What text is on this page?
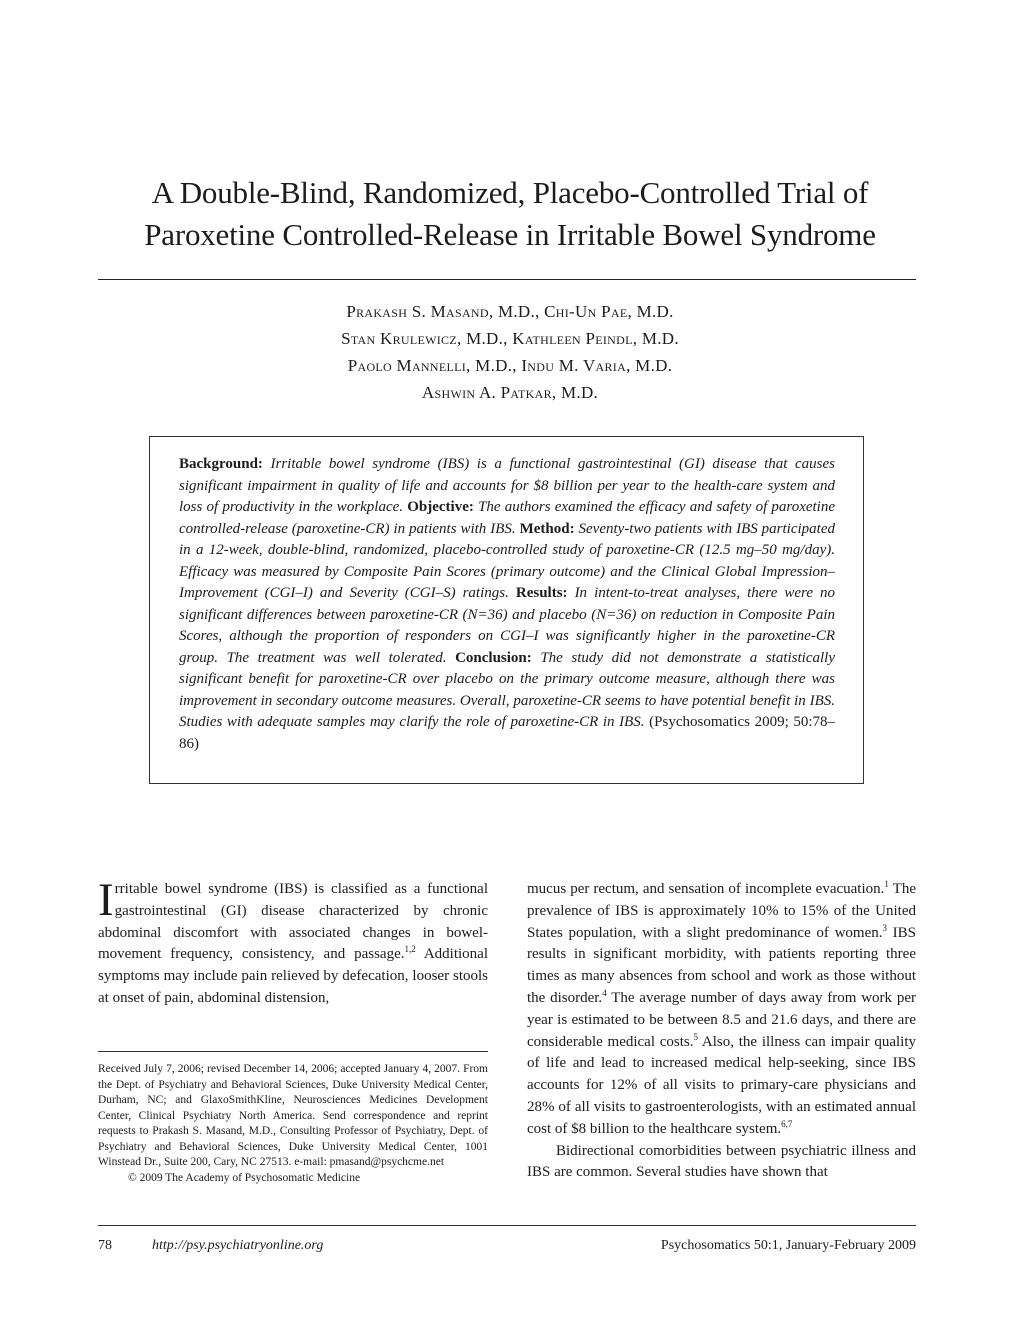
A Double-Blind, Randomized, Placebo-Controlled Trial of
Paroxetine Controlled-Release in Irritable Bowel Syndrome
Prakash S. Masand, M.D., Chi-Un Pae, M.D.
Stan Krulewicz, M.D., Kathleen Peindl, M.D.
Paolo Mannelli, M.D., Indu M. Varia, M.D.
Ashwin A. Patkar, M.D.
Background: Irritable bowel syndrome (IBS) is a functional gastrointestinal (GI) disease that causes significant impairment in quality of life and accounts for $8 billion per year to the health-care system and loss of productivity in the workplace. Objective: The authors examined the efficacy and safety of paroxetine controlled-release (paroxetine-CR) in patients with IBS. Method: Seventy-two patients with IBS participated in a 12-week, double-blind, randomized, placebo-controlled study of paroxetine-CR (12.5 mg–50 mg/day). Efficacy was measured by Composite Pain Scores (primary outcome) and the Clinical Global Impression–Improvement (CGI–I) and Severity (CGI–S) ratings. Results: In intent-to-treat analyses, there were no significant differences between paroxetine-CR (N=36) and placebo (N=36) on reduction in Composite Pain Scores, although the proportion of responders on CGI–I was significantly higher in the paroxetine-CR group. The treatment was well tolerated. Conclusion: The study did not demonstrate a statistically significant benefit for paroxetine-CR over placebo on the primary outcome measure, although there was improvement in secondary outcome measures. Overall, paroxetine-CR seems to have potential benefit in IBS. Studies with adequate samples may clarify the role of paroxetine-CR in IBS. (Psychosomatics 2009; 50:78–86)

Irritable bowel syndrome (IBS) is classified as a functional gastrointestinal (GI) disease characterized by chronic abdominal discomfort with associated changes in bowel-movement frequency, consistency, and passage.$^{1,2}$ Additional symptoms may include pain relieved by defecation, looser stools at onset of pain, abdominal distension,

Received July 7, 2006; revised December 14, 2006; accepted January 4, 2007. From the Dept. of Psychiatry and Behavioral Sciences, Duke University Medical Center, Durham, NC; and GlaxoSmithKline, Neurosciences Medicines Development Center, Clinical Psychiatry North America. Send correspondence and reprint requests to Prakash S. Masand, M.D., Consulting Professor of Psychiatry, Dept. of Psychiatry and Behavioral Sciences, Duke University Medical Center, 1001 Winstead Dr., Suite 200, Cary, NC 27513. e-mail: pmasand@psychcme.net

© 2009 The Academy of Psychosomatic Medicine

mucus per rectum, and sensation of incomplete evacuation.$^1$ The prevalence of IBS is approximately 10% to 15% of the United States population, with a slight predominance of women.$^3$ IBS results in significant morbidity, with patients reporting three times as many absences from school and work as those without the disorder.$^4$ The average number of days away from work per year is estimated to be between 8.5 and 21.6 days, and there are considerable medical costs.$^5$ Also, the illness can impair quality of life and lead to increased medical help-seeking, since IBS accounts for 12% of all visits to primary-care physicians and 28% of all visits to gastroenterologists, with an estimated annual cost of $8 billion to the healthcare system.$^{6,7}$

Bidirectional comorbidities between psychiatric illness and IBS are common. Several studies have shown that

78	http://psy.psychiatryonline.org	Psychosomatics 50:1, January-February 2009
